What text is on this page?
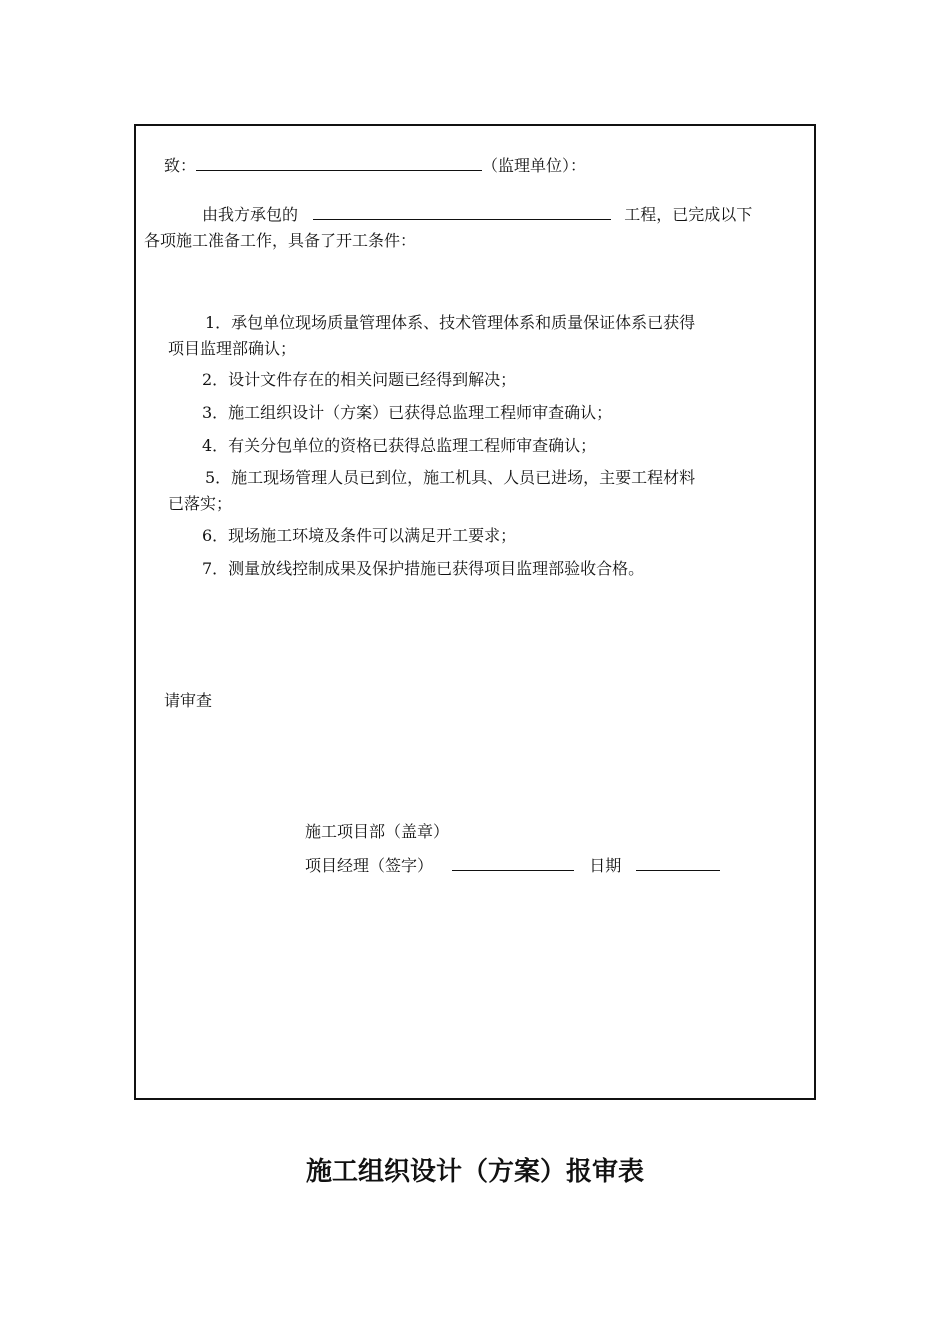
致：	（监理单位）：
由我方承包的	工程，已完成以下
各项施工准备工作，具备了开工条件：
1．承包单位现场质量管理体系、技术管理体系和质量保证体系已获得
项目监理部确认；
2．设计文件存在的相关问题已经得到解决；
3．施工组织设计（方案）已获得总监理工程师审查确认；
4．有关分包单位的资格已获得总监理工程师审查确认；
5．施工现场管理人员已到位，施工机具、人员已进场，主要工程材料
已落实；
6．现场施工环境及条件可以满足开工要求；
7．测量放线控制成果及保护措施已获得项目监理部验收合格。
请审查
施工项目部（盖章）
项目经理（签字）	日期
施工组织设计（方案）报审表
